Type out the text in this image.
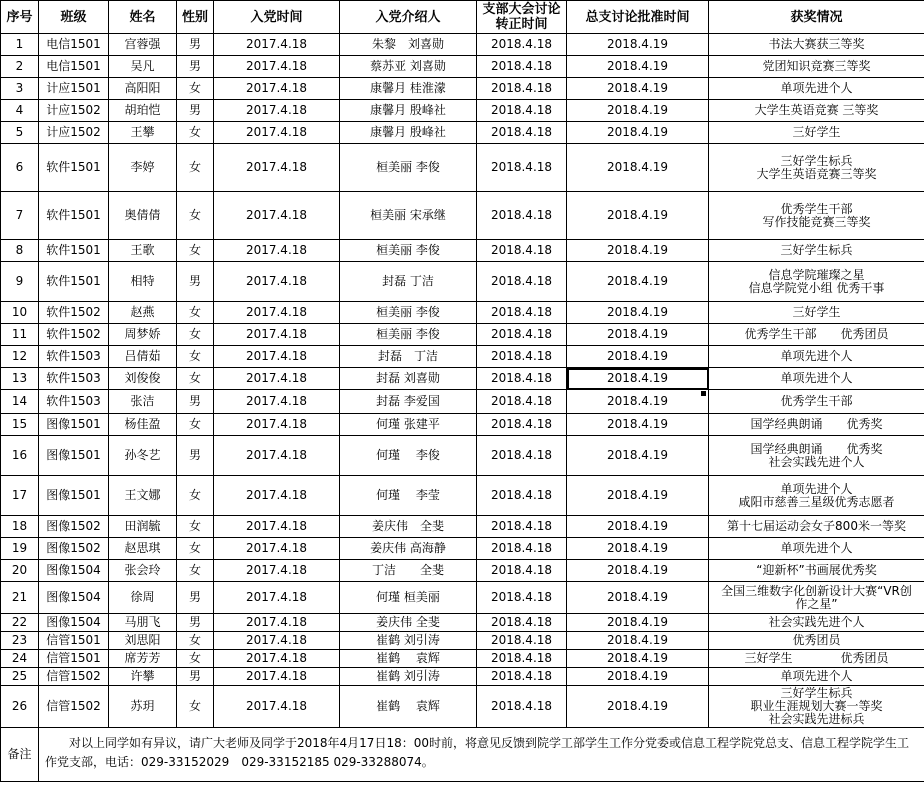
序号	班级	姓名	性别	入党时间	入党介绍人	支部大会讨论转正时间	总支讨论批准时间	获奖情况
1	电信1501	宫蓉强	男	2017.4.18	朱黎　刘喜勋	2018.4.18	2018.4.19	书法大赛获三等奖
2	电信1501	吴凡	男	2017.4.18	蔡苏亚 刘喜勋	2018.4.18	2018.4.19	党团知识竞赛三等奖
3	计应1501	高阳阳	女	2017.4.18	康馨月 桂淮濛	2018.4.18	2018.4.19	单项先进个人
4	计应1502	胡珀恺	男	2017.4.18	康馨月 殷峰社	2018.4.18	2018.4.19	大学生英语竞赛 三等奖
5	计应1502	王攀	女	2017.4.18	康馨月 殷峰社	2018.4.18	2018.4.19	三好学生
6	软件1501	李婷	女	2017.4.18	桓美丽 李俊	2018.4.18	2018.4.19	三好学生标兵
大学生英语竞赛三等奖
7	软件1501	奥倩倩	女	2017.4.18	桓美丽 宋承继	2018.4.18	2018.4.19	优秀学生干部
写作技能竞赛三等奖
8	软件1501	王歌	女	2017.4.18	桓美丽 李俊	2018.4.18	2018.4.19	三好学生标兵
9	软件1501	相特	男	2017.4.18	封磊 丁洁	2018.4.18	2018.4.19	信息学院璀璨之星
信息学院党小组 优秀干事
10	软件1502	赵燕	女	2017.4.18	桓美丽 李俊	2018.4.18	2018.4.19	三好学生
11	软件1502	周梦娇	女	2017.4.18	桓美丽 李俊	2018.4.18	2018.4.19	优秀学生干部　　优秀团员
12	软件1503	吕倩茹	女	2017.4.18	封磊　丁洁	2018.4.18	2018.4.19	单项先进个人
13	软件1503	刘俊俊	女	2017.4.18	封磊 刘喜勋	2018.4.18	2018.4.19	单项先进个人
14	软件1503	张洁	男	2017.4.18	封磊 李爱国	2018.4.18	2018.4.19	优秀学生干部
15	图像1501	杨佳盈	女	2017.4.18	何瑾 张建平	2018.4.18	2018.4.19	国学经典朗诵　　优秀奖
16	图像1501	孙冬艺	男	2017.4.18	何瑾　 李俊	2018.4.18	2018.4.19	国学经典朗诵　　优秀奖
社会实践先进个人
17	图像1501	王文娜	女	2017.4.18	何瑾　 李莹	2018.4.18	2018.4.19	单项先进个人
咸阳市慈善三星级优秀志愿者
18	图像1502	田润毓	女	2017.4.18	姜庆伟　全斐	2018.4.18	2018.4.19	第十七届运动会女子800米一等奖
19	图像1502	赵思琪	女	2017.4.18	姜庆伟 高海静	2018.4.18	2018.4.19	单项先进个人
20	图像1504	张会玲	女	2017.4.18	丁洁　　全斐	2018.4.18	2018.4.19	“迎新杯”书画展优秀奖
21	图像1504	徐周	男	2017.4.18	何瑾 桓美丽	2018.4.18	2018.4.19	全国三维数字化创新设计大赛“VR创
作之星”
22	图像1504	马朋飞	男	2017.4.18	姜庆伟 全斐	2018.4.18	2018.4.19	社会实践先进个人
23	信管1501	刘思阳	女	2017.4.18	崔鹤 刘引涛	2018.4.18	2018.4.19	优秀团员
24	信管1501	席芳芳	女	2017.4.18	崔鹤　 袁辉	2018.4.18	2018.4.19	三好学生　　　　优秀团员
25	信管1502	许攀	男	2017.4.18	崔鹤 刘引涛	2018.4.18	2018.4.19	单项先进个人
26	信管1502	苏玥	女	2017.4.18	崔鹤　 袁辉	2018.4.18	2018.4.19	三好学生标兵
职业生涯规划大赛一等奖
社会实践先进标兵
备注	对以上同学如有异议，请广大老师及同学于2018年4月17日18：00时前，将意见反馈到院学工部学生工作分党委或信息工程学院党总支、信息工程学院学生工作党支部，电话：029-33152029　029-33152185 029-33288074。							
